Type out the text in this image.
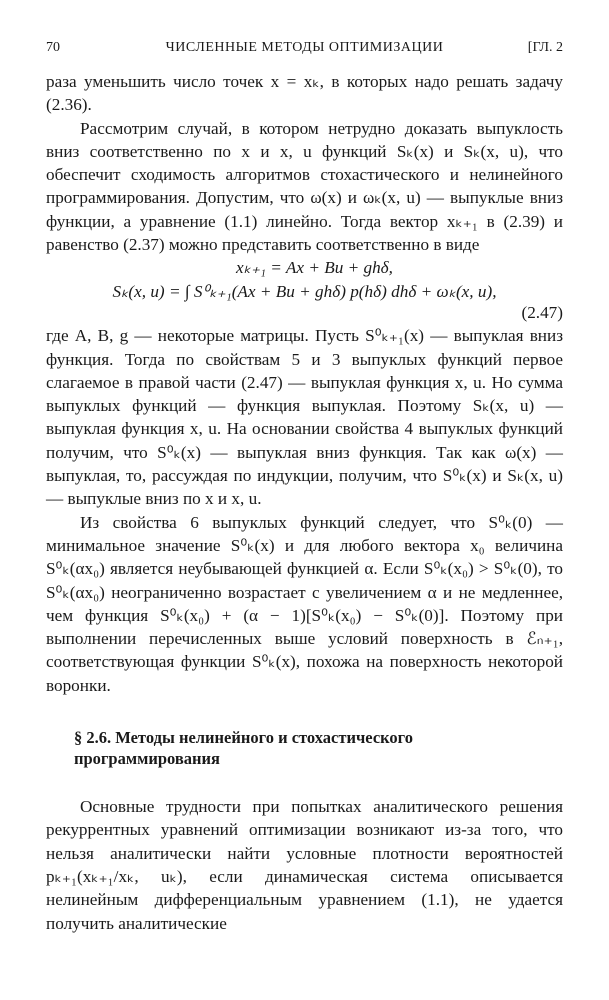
70	ЧИСЛЕННЫЕ МЕТОДЫ ОПТИМИЗАЦИИ	[ГЛ. 2

раза уменьшить число точек x = xₖ, в которых надо решать задачу (2.36).

Рассмотрим случай, в котором нетрудно доказать выпуклость вниз соответственно по x и x, u функций Sₖ(x) и Sₖ(x, u), что обеспечит сходимость алгоритмов стохастического и нелинейного программирования. Допустим, что ω(x) и ωₖ(x, u) — выпуклые вниз функции, а уравнение (1.1) линейно. Тогда вектор xₖ₊₁ в (2.39) и равенство (2.37) можно представить соответственно в виде

xₖ₊₁ = Ax + Bu + ghδ,
Sₖ(x, u) = ∫ S⁰ₖ₊₁(Ax + Bu + ghδ) p(hδ) dhδ + ωₖ(x, u),
(2.47)

где A, B, g — некоторые матрицы. Пусть S⁰ₖ₊₁(x) — выпуклая вниз функция. Тогда по свойствам 5 и 3 выпуклых функций первое слагаемое в правой части (2.47) — выпуклая функция x, u. Но сумма выпуклых функций — функция выпуклая. Поэтому Sₖ(x, u) — выпуклая функция x, u. На основании свойства 4 выпуклых функций получим, что S⁰ₖ(x) — выпуклая вниз функция. Так как ω(x) — выпуклая, то, рассуждая по индукции, получим, что S⁰ₖ(x) и Sₖ(x, u) — выпуклые вниз по x и x, u.

Из свойства 6 выпуклых функций следует, что S⁰ₖ(0) — минимальное значение S⁰ₖ(x) и для любого вектора x₀ величина S⁰ₖ(αx₀) является неубывающей функцией α. Если S⁰ₖ(x₀) > S⁰ₖ(0), то S⁰ₖ(αx₀) неограниченно возрастает с увеличением α и не медленнее, чем функция S⁰ₖ(x₀) + (α − 1)[S⁰ₖ(x₀) − S⁰ₖ(0)]. Поэтому при выполнении перечисленных выше условий поверхность в ℰₙ₊₁, соответствующая функции S⁰ₖ(x), похожа на поверхность некоторой воронки.

§ 2.6. Методы нелинейного и стохастического
программирования

Основные трудности при попытках аналитического решения рекуррентных уравнений оптимизации возникают из-за того, что нельзя аналитически найти условные плотности вероятностей pₖ₊₁(xₖ₊₁/xₖ, uₖ), если динамическая система описывается нелинейным дифференциальным уравнением (1.1), не удается получить аналитические
